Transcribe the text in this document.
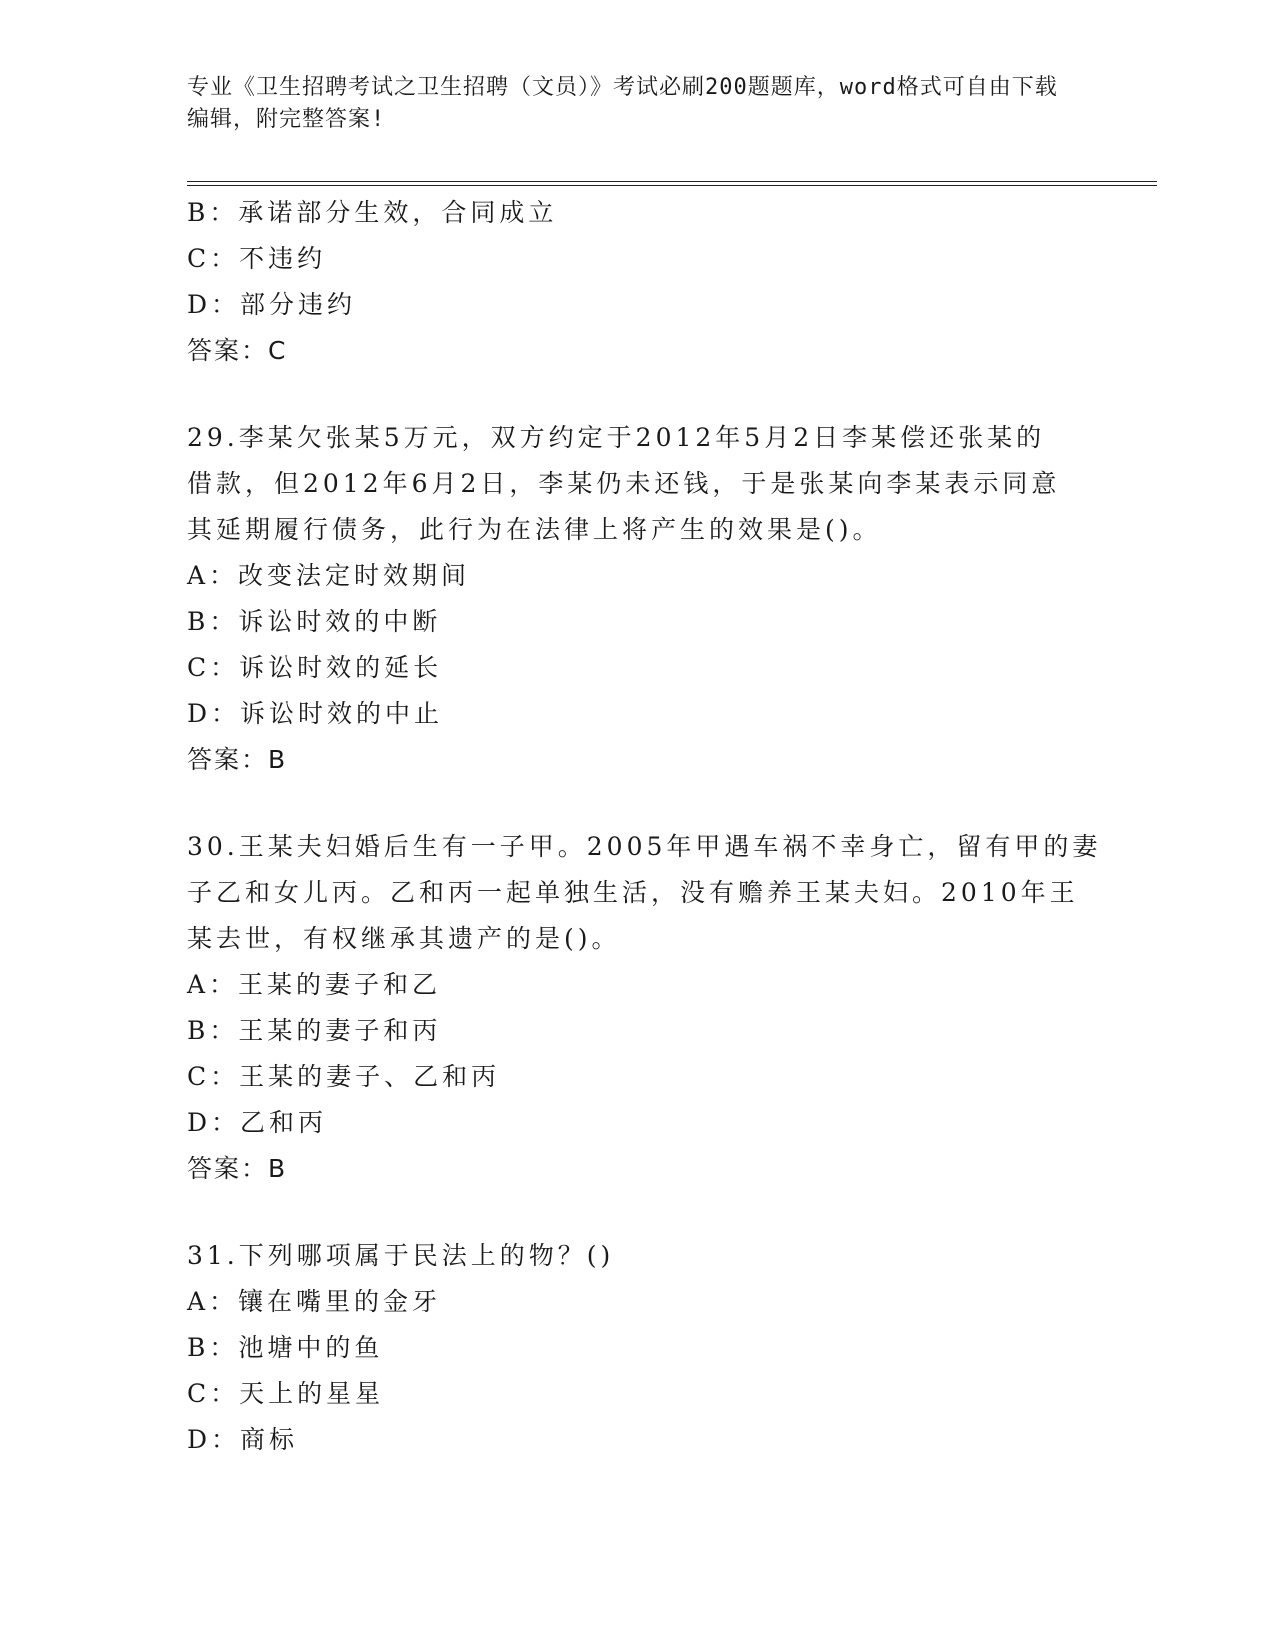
专业《卫生招聘考试之卫生招聘（文员）》考试必刷200题题库，word格式可自由下载编辑，附完整答案!

B：承诺部分生效，合同成立

C：不违约

D：部分违约

答案：C

29.李某欠张某5万元，双方约定于2012年5月2日李某偿还张某的

借款，但2012年6月2日，李某仍未还钱，于是张某向李某表示同意

其延期履行债务，此行为在法律上将产生的效果是()。

A：改变法定时效期间

B：诉讼时效的中断

C：诉讼时效的延长

D：诉讼时效的中止

答案：B

30.王某夫妇婚后生有一子甲。2005年甲遇车祸不幸身亡，留有甲的妻

子乙和女儿丙。乙和丙一起单独生活，没有赡养王某夫妇。2010年王

某去世，有权继承其遗产的是()。

A：王某的妻子和乙

B：王某的妻子和丙

C：王某的妻子、乙和丙

D：乙和丙

答案：B

31.下列哪项属于民法上的物？()

A：镶在嘴里的金牙

B：池塘中的鱼

C：天上的星星

D：商标
